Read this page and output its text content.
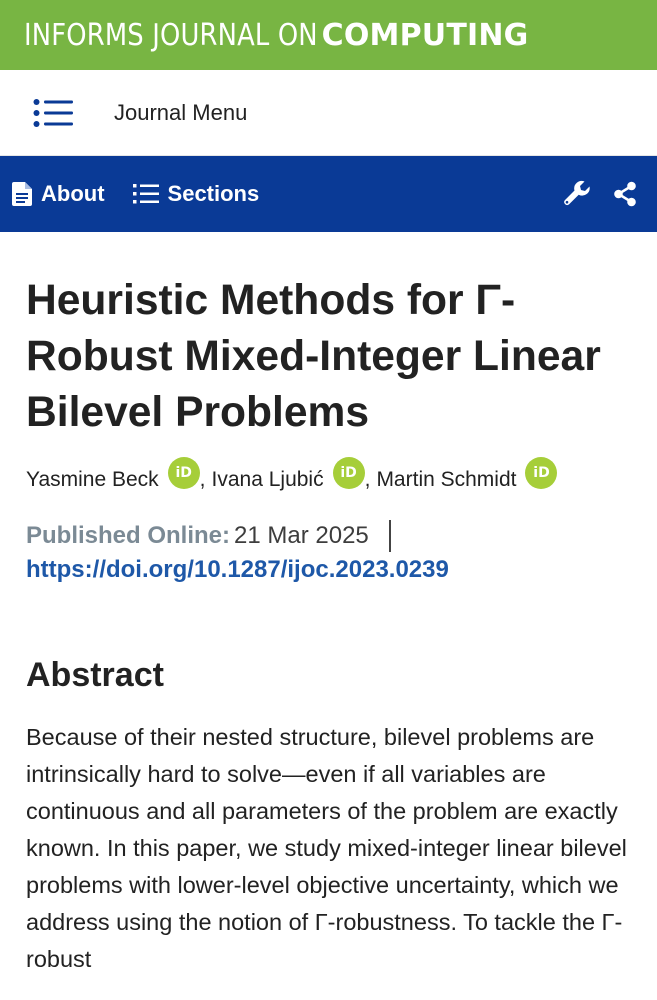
INFORMS JOURNAL ON COMPUTING
Journal Menu
About	Sections
Heuristic Methods for Γ-Robust Mixed-Integer Linear Bilevel Problems
Yasmine Beck	iD , Ivana Ljubić	iD , Martin Schmidt	iD
Published Online: 21 Mar 2025
https://doi.org/10.1287/ijoc.2023.0239
Abstract
Because of their nested structure, bilevel problems are intrinsically hard to solve—even if all variables are continuous and all parameters of the problem are exactly known. In this paper, we study mixed-integer linear bilevel problems with lower-level objective uncertainty, which we address using the notion of Γ-robustness. To tackle the Γ-robust
